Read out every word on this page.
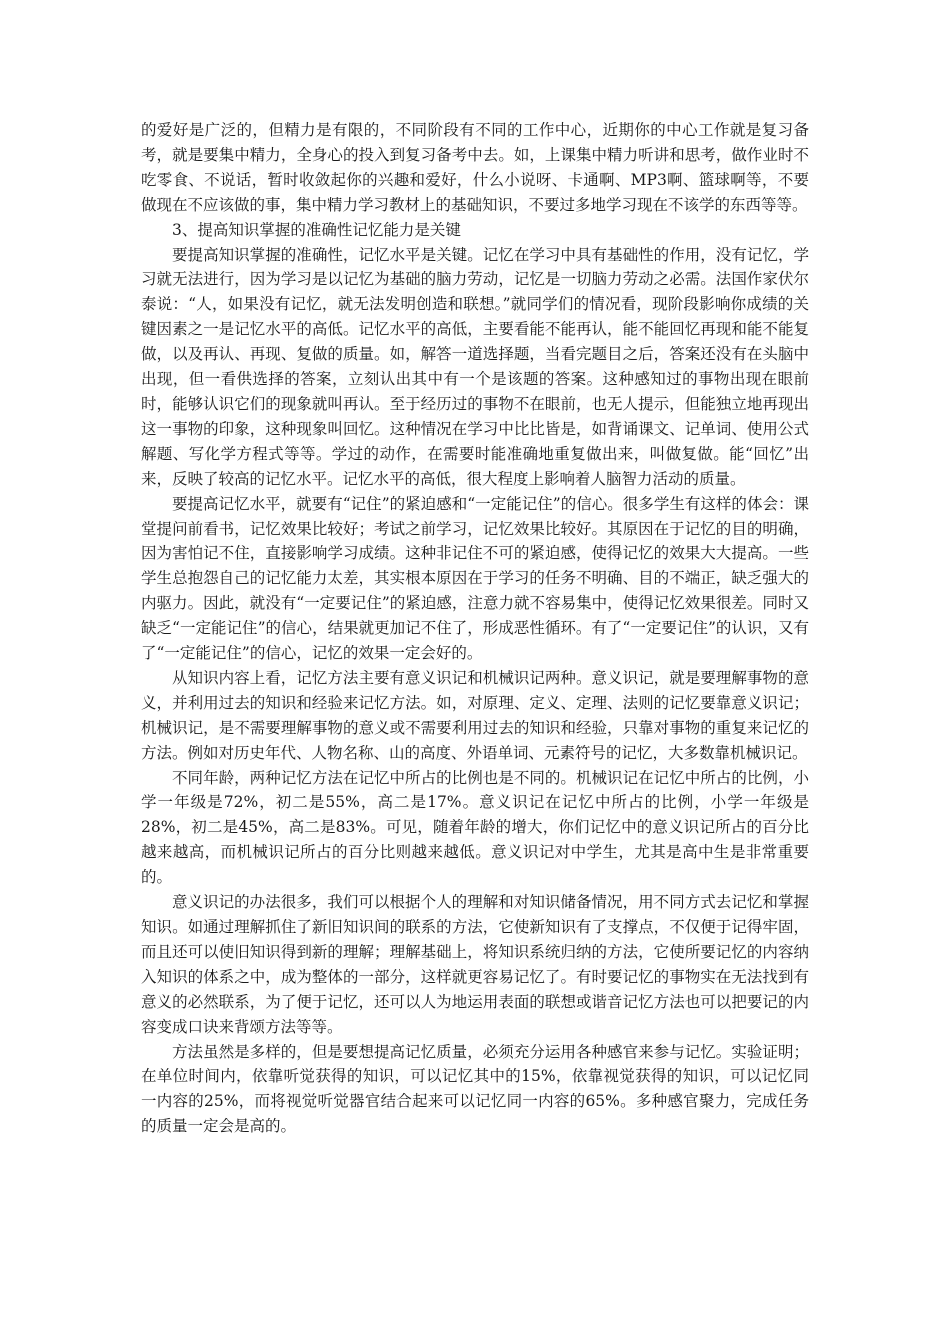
的爱好是广泛的，但精力是有限的，不同阶段有不同的工作中心，近期你的中心工作就是复习备考，就是要集中精力，全身心的投入到复习备考中去。如，上课集中精力听讲和思考，做作业时不吃零食、不说话，暂时收敛起你的兴趣和爱好，什么小说呀、卡通啊、MP3啊、篮球啊等，不要做现在不应该做的事，集中精力学习教材上的基础知识，不要过多地学习现在不该学的东西等等。

3、提高知识掌握的准确性记忆能力是关键

要提高知识掌握的准确性，记忆水平是关键。记忆在学习中具有基础性的作用，没有记忆，学习就无法进行，因为学习是以记忆为基础的脑力劳动，记忆是一切脑力劳动之必需。法国作家伏尔泰说：“人，如果没有记忆，就无法发明创造和联想。”就同学们的情况看，现阶段影响你成绩的关键因素之一是记忆水平的高低。记忆水平的高低，主要看能不能再认，能不能回忆再现和能不能复做，以及再认、再现、复做的质量。如，解答一道选择题，当看完题目之后，答案还没有在头脑中出现，但一看供选择的答案，立刻认出其中有一个是该题的答案。这种感知过的事物出现在眼前时，能够认识它们的现象就叫再认。至于经历过的事物不在眼前，也无人提示，但能独立地再现出这一事物的印象，这种现象叫回忆。这种情况在学习中比比皆是，如背诵课文、记单词、使用公式解题、写化学方程式等等。学过的动作，在需要时能准确地重复做出来，叫做复做。能“回忆”出来，反映了较高的记忆水平。记忆水平的高低，很大程度上影响着人脑智力活动的质量。

要提高记忆水平，就要有“记住”的紧迫感和“一定能记住”的信心。很多学生有这样的体会：课堂提问前看书，记忆效果比较好；考试之前学习，记忆效果比较好。其原因在于记忆的目的明确，因为害怕记不住，直接影响学习成绩。这种非记住不可的紧迫感，使得记忆的效果大大提高。一些学生总抱怨自己的记忆能力太差，其实根本原因在于学习的任务不明确、目的不端正，缺乏强大的内驱力。因此，就没有“一定要记住”的紧迫感，注意力就不容易集中，使得记忆效果很差。同时又缺乏“一定能记住”的信心，结果就更加记不住了，形成恶性循环。有了“一定要记住”的认识，又有了“一定能记住”的信心，记忆的效果一定会好的。

从知识内容上看，记忆方法主要有意义识记和机械识记两种。意义识记，就是要理解事物的意义，并利用过去的知识和经验来记忆方法。如，对原理、定义、定理、法则的记忆要靠意义识记；机械识记，是不需要理解事物的意义或不需要利用过去的知识和经验，只靠对事物的重复来记忆的方法。例如对历史年代、人物名称、山的高度、外语单词、元素符号的记忆，大多数靠机械识记。

不同年龄，两种记忆方法在记忆中所占的比例也是不同的。机械识记在记忆中所占的比例，小学一年级是72%，初二是55%，高二是17%。意义识记在记忆中所占的比例，小学一年级是28%，初二是45%，高二是83%。可见，随着年龄的增大，你们记忆中的意义识记所占的百分比越来越高，而机械识记所占的百分比则越来越低。意义识记对中学生，尤其是高中生是非常重要的。

意义识记的办法很多，我们可以根据个人的理解和对知识储备情况，用不同方式去记忆和掌握知识。如通过理解抓住了新旧知识间的联系的方法，它使新知识有了支撑点，不仅便于记得牢固，而且还可以使旧知识得到新的理解；理解基础上，将知识系统归纳的方法，它使所要记忆的内容纳入知识的体系之中，成为整体的一部分，这样就更容易记忆了。有时要记忆的事物实在无法找到有意义的必然联系，为了便于记忆，还可以人为地运用表面的联想或谐音记忆方法也可以把要记的内容变成口诀来背颂方法等等。

方法虽然是多样的，但是要想提高记忆质量，必须充分运用各种感官来参与记忆。实验证明；在单位时间内，依靠听觉获得的知识，可以记忆其中的15%，依靠视觉获得的知识，可以记忆同一内容的25%，而将视觉听觉器官结合起来可以记忆同一内容的65%。多种感官聚力，完成任务的质量一定会是高的。
